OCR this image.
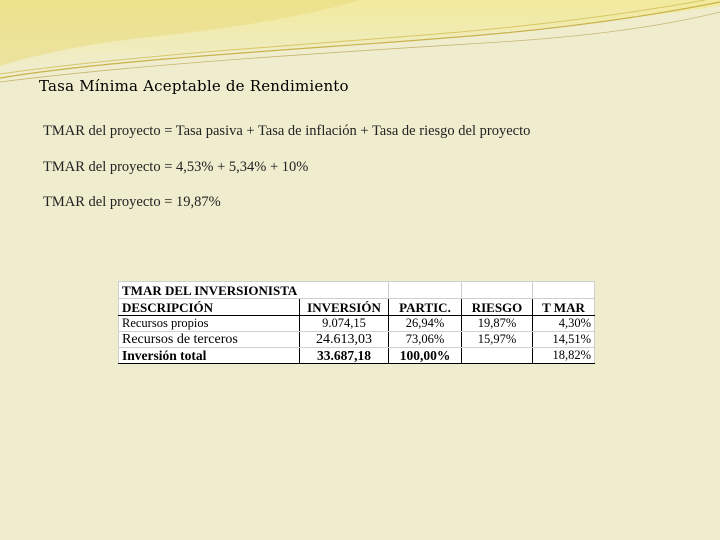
Tasa Mínima Aceptable de Rendimiento
TMAR del proyecto = Tasa pasiva + Tasa de inflación + Tasa de riesgo del proyecto
TMAR del proyecto = 4,53% + 5,34% + 10%
TMAR del proyecto = 19,87%
TMAR DEL INVERSIONISTA				
DESCRIPCIÓN	INVERSIÓN	PARTIC.	RIESGO	T MAR
Recursos propios	9.074,15	26,94%	19,87%	4,30%
Recursos de terceros	24.613,03	73,06%	15,97%	14,51%
Inversión total	33.687,18	100,00%		18,82%
